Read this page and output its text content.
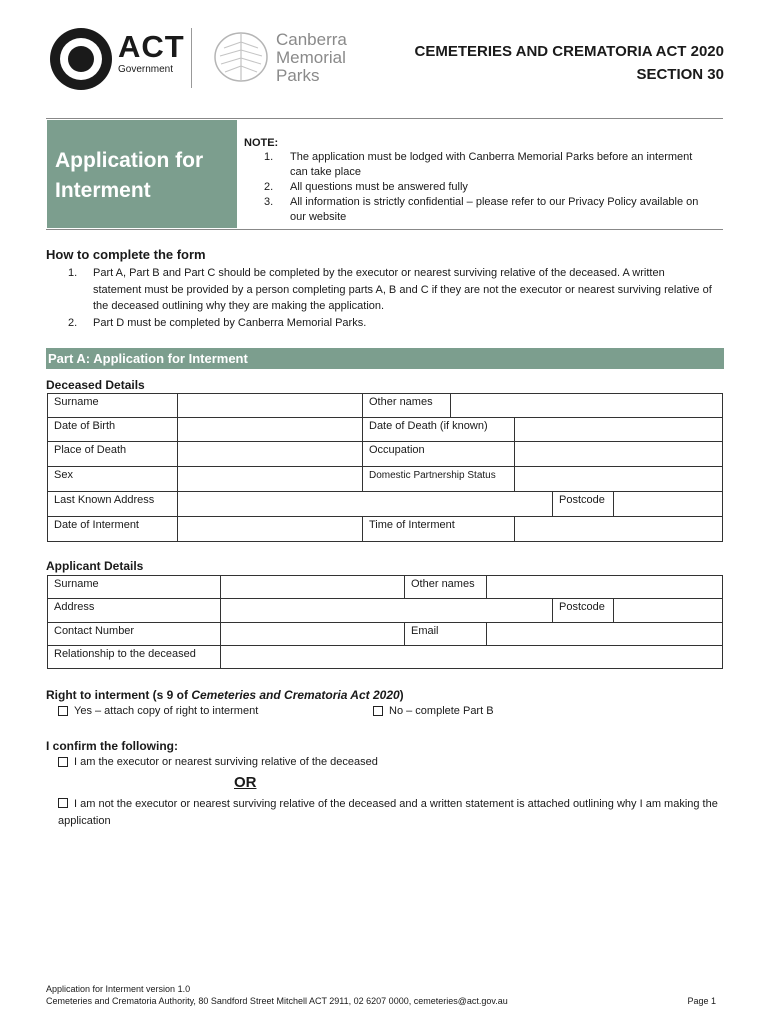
ACT
Government
Canberra
Memorial
Parks
CEMETERIES AND CREMATORIA ACT 2020
SECTION 30
Application for
Interment
NOTE:
1.	The application must be lodged with Canberra Memorial Parks before an interment can take place
2.	All questions must be answered fully
3.	All information is strictly confidential – please refer to our Privacy Policy available on our website
How to complete the form
1.	Part A, Part B and Part C should be completed by the executor or nearest surviving relative of the deceased. A written statement must be provided by a person completing parts A, B and C if they are not the executor or nearest surviving relative of the deceased outlining why they are making the application.
2.	Part D must be completed by Canberra Memorial Parks.
Part A: Application for Interment
Deceased Details
Surname	Other names
Date of Birth	Date of Death (if known)
Place of Death	Occupation
Sex	Domestic Partnership Status
Last Known Address	Postcode
Date of Interment	Time of Interment
Applicant Details
Surname	Other names
Address	Postcode
Contact Number	Email
Relationship to the deceased
Right to interment (s 9 of Cemeteries and Crematoria Act 2020)
Yes – attach copy of right to interment	No – complete Part B
I confirm the following:
I am the executor or nearest surviving relative of the deceased
OR
I am not the executor or nearest surviving relative of the deceased and a written statement is attached outlining why I am making the application
Application for Interment version 1.0
Cemeteries and Crematoria Authority, 80 Sandford Street Mitchell ACT 2911, 02 6207 0000, cemeteries@act.gov.au	Page 1
